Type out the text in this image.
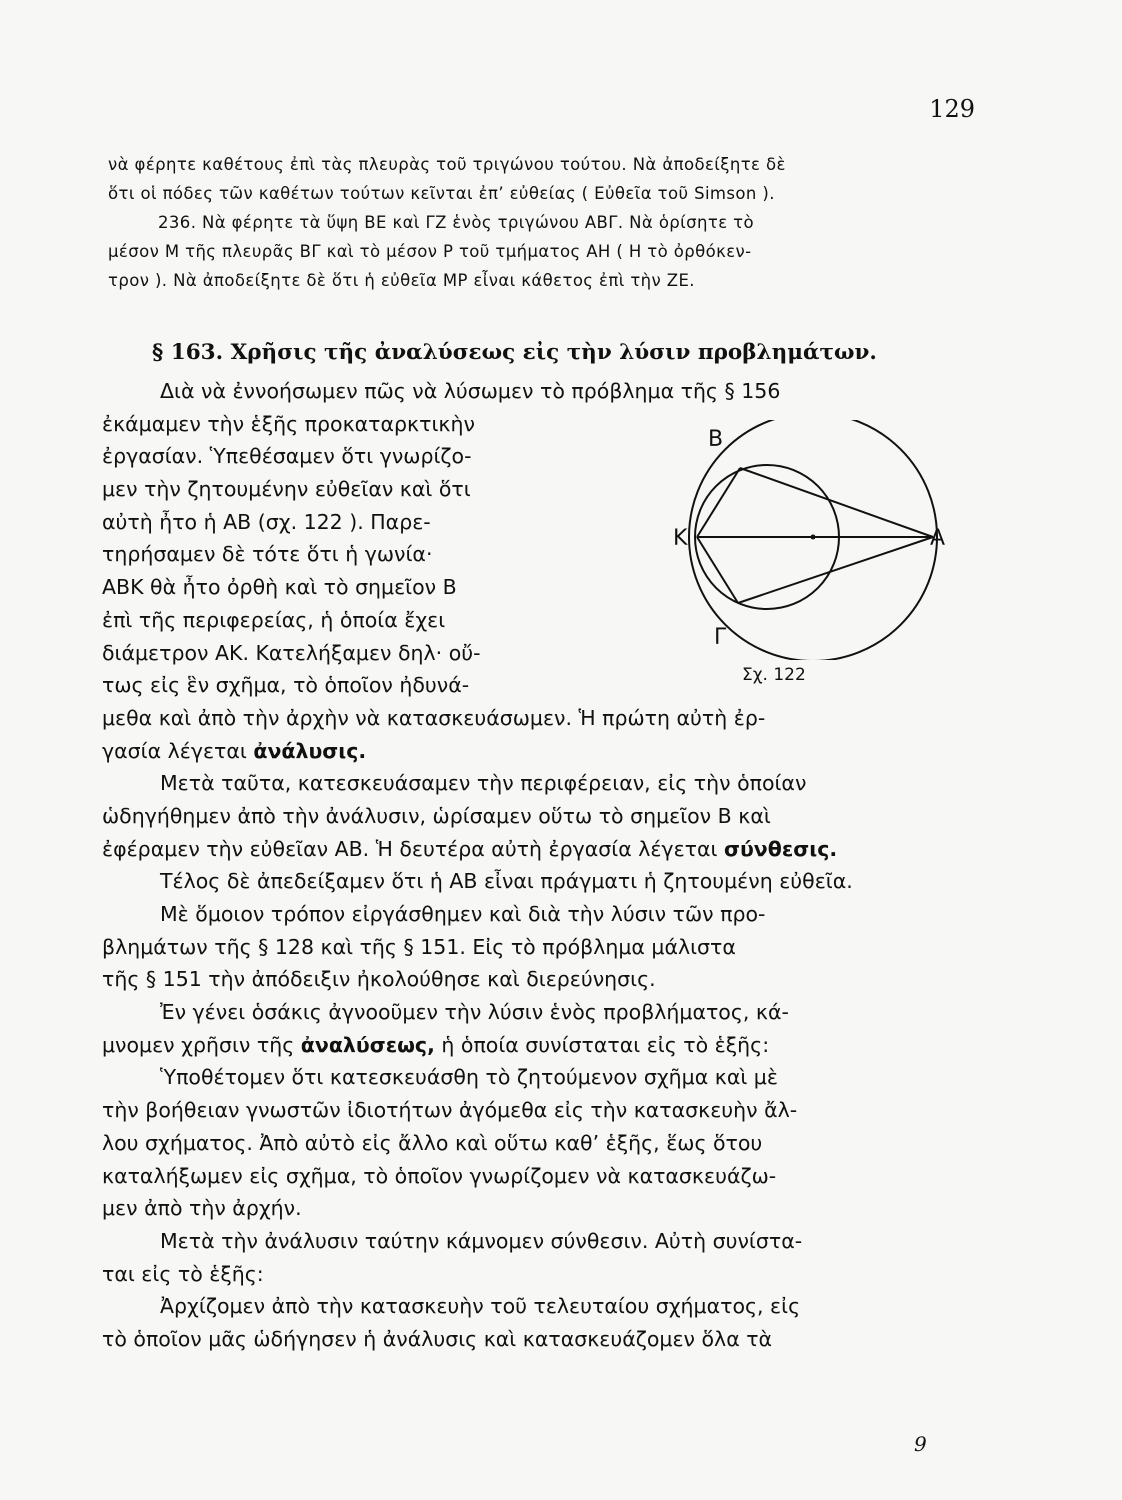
129
νὰ φέρητε καθέτους ἐπὶ τὰς πλευρὰς τοῦ τριγώνου τούτου. Νὰ ἀποδείξητε δὲ
ὅτι οἱ πόδες τῶν καθέτων τούτων κεῖνται ἐπ’ εὐθείας ( Εὐθεῖα τοῦ Simson ).
236. Νὰ φέρητε τὰ ὕψη ΒΕ καὶ ΓΖ ἑνὸς τριγώνου ΑΒΓ. Νὰ ὁρίσητε τὸ
μέσον Μ τῆς πλευρᾶς ΒΓ καὶ τὸ μέσον Ρ τοῦ τμήματος ΑΗ ( Η τὸ ὀρθόκεν-
τρον ). Νὰ ἀποδείξητε δὲ ὅτι ἡ εὐθεῖα ΜΡ εἶναι κάθετος ἐπὶ τὴν ΖΕ.
§ 163. Χρῆσις τῆς ἀναλύσεως εἰς τὴν λύσιν προβλημάτων.
Διὰ νὰ ἐννοήσωμεν πῶς νὰ λύσωμεν τὸ πρόβλημα τῆς § 156
ἐκάμαμεν τὴν ἑξῆς προκαταρκτικὴν
ἐργασίαν. Ὑπεθέσαμεν ὅτι γνωρίζο-
μεν τὴν ζητουμένην εὐθεῖαν καὶ ὅτι
αὐτὴ ἦτο ἡ ΑΒ (σχ. 122 ). Παρε-
τηρήσαμεν δὲ τότε ὅτι ἡ γωνία·
ΑΒΚ θὰ ἦτο ὀρθὴ καὶ τὸ σημεῖον Β
ἐπὶ τῆς περιφερείας, ἡ ὁποία ἔχει
διάμετρον ΑΚ. Κατελήξαμεν δηλ· οὔ-
τως εἰς ἓν σχῆμα, τὸ ὁποῖον ἠδυνά-
μεθα καὶ ἀπὸ τὴν ἀρχὴν νὰ κατασκευάσωμεν. Ἡ πρώτη αὐτὴ ἐρ-
γασία λέγεται ἀνάλυσις.
Μετὰ ταῦτα, κατεσκευάσαμεν τὴν περιφέρειαν, εἰς τὴν ὁποίαν
ὡδηγήθημεν ἀπὸ τὴν ἀνάλυσιν, ὡρίσαμεν οὕτω τὸ σημεῖον Β καὶ
ἐφέραμεν τὴν εὐθεῖαν ΑΒ. Ἡ δευτέρα αὐτὴ ἐργασία λέγεται σύνθεσις.
Τέλος δὲ ἀπεδείξαμεν ὅτι ἡ ΑΒ εἶναι πράγματι ἡ ζητουμένη εὐθεῖα.
Μὲ ὅμοιον τρόπον εἰργάσθημεν καὶ διὰ τὴν λύσιν τῶν προ-
βλημάτων τῆς § 128 καὶ τῆς § 151. Εἰς τὸ πρόβλημα μάλιστα
τῆς § 151 τὴν ἀπόδειξιν ἠκολούθησε καὶ διερεύνησις.
Ἐν γένει ὁσάκις ἀγνοοῦμεν τὴν λύσιν ἑνὸς προβλήματος, κά-
μνομεν χρῆσιν τῆς ἀναλύσεως, ἡ ὁποία συνίσταται εἰς τὸ ἑξῆς:
Ὑποθέτομεν ὅτι κατεσκευάσθη τὸ ζητούμενον σχῆμα καὶ μὲ
τὴν βοήθειαν γνωστῶν ἰδιοτήτων ἀγόμεθα εἰς τὴν κατασκευὴν ἄλ-
λου σχήματος. Ἀπὸ αὐτὸ εἰς ἄλλο καὶ οὕτω καθ’ ἑξῆς, ἕως ὅτου
καταλήξωμεν εἰς σχῆμα, τὸ ὁποῖον γνωρίζομεν νὰ κατασκευάζω-
μεν ἀπὸ τὴν ἀρχήν.
Μετὰ τὴν ἀνάλυσιν ταύτην κάμνομεν σύνθεσιν. Αὐτὴ συνίστα-
ται εἰς τὸ ἑξῆς:
Ἀρχίζομεν ἀπὸ τὴν κατασκευὴν τοῦ τελευταίου σχήματος, εἰς
τὸ ὁποῖον μᾶς ὡδήγησεν ἡ ἀνάλυσις καὶ κατασκευάζομεν ὅλα τὰ
Β
Κ	Α
Γ
Σχ. 122
9
